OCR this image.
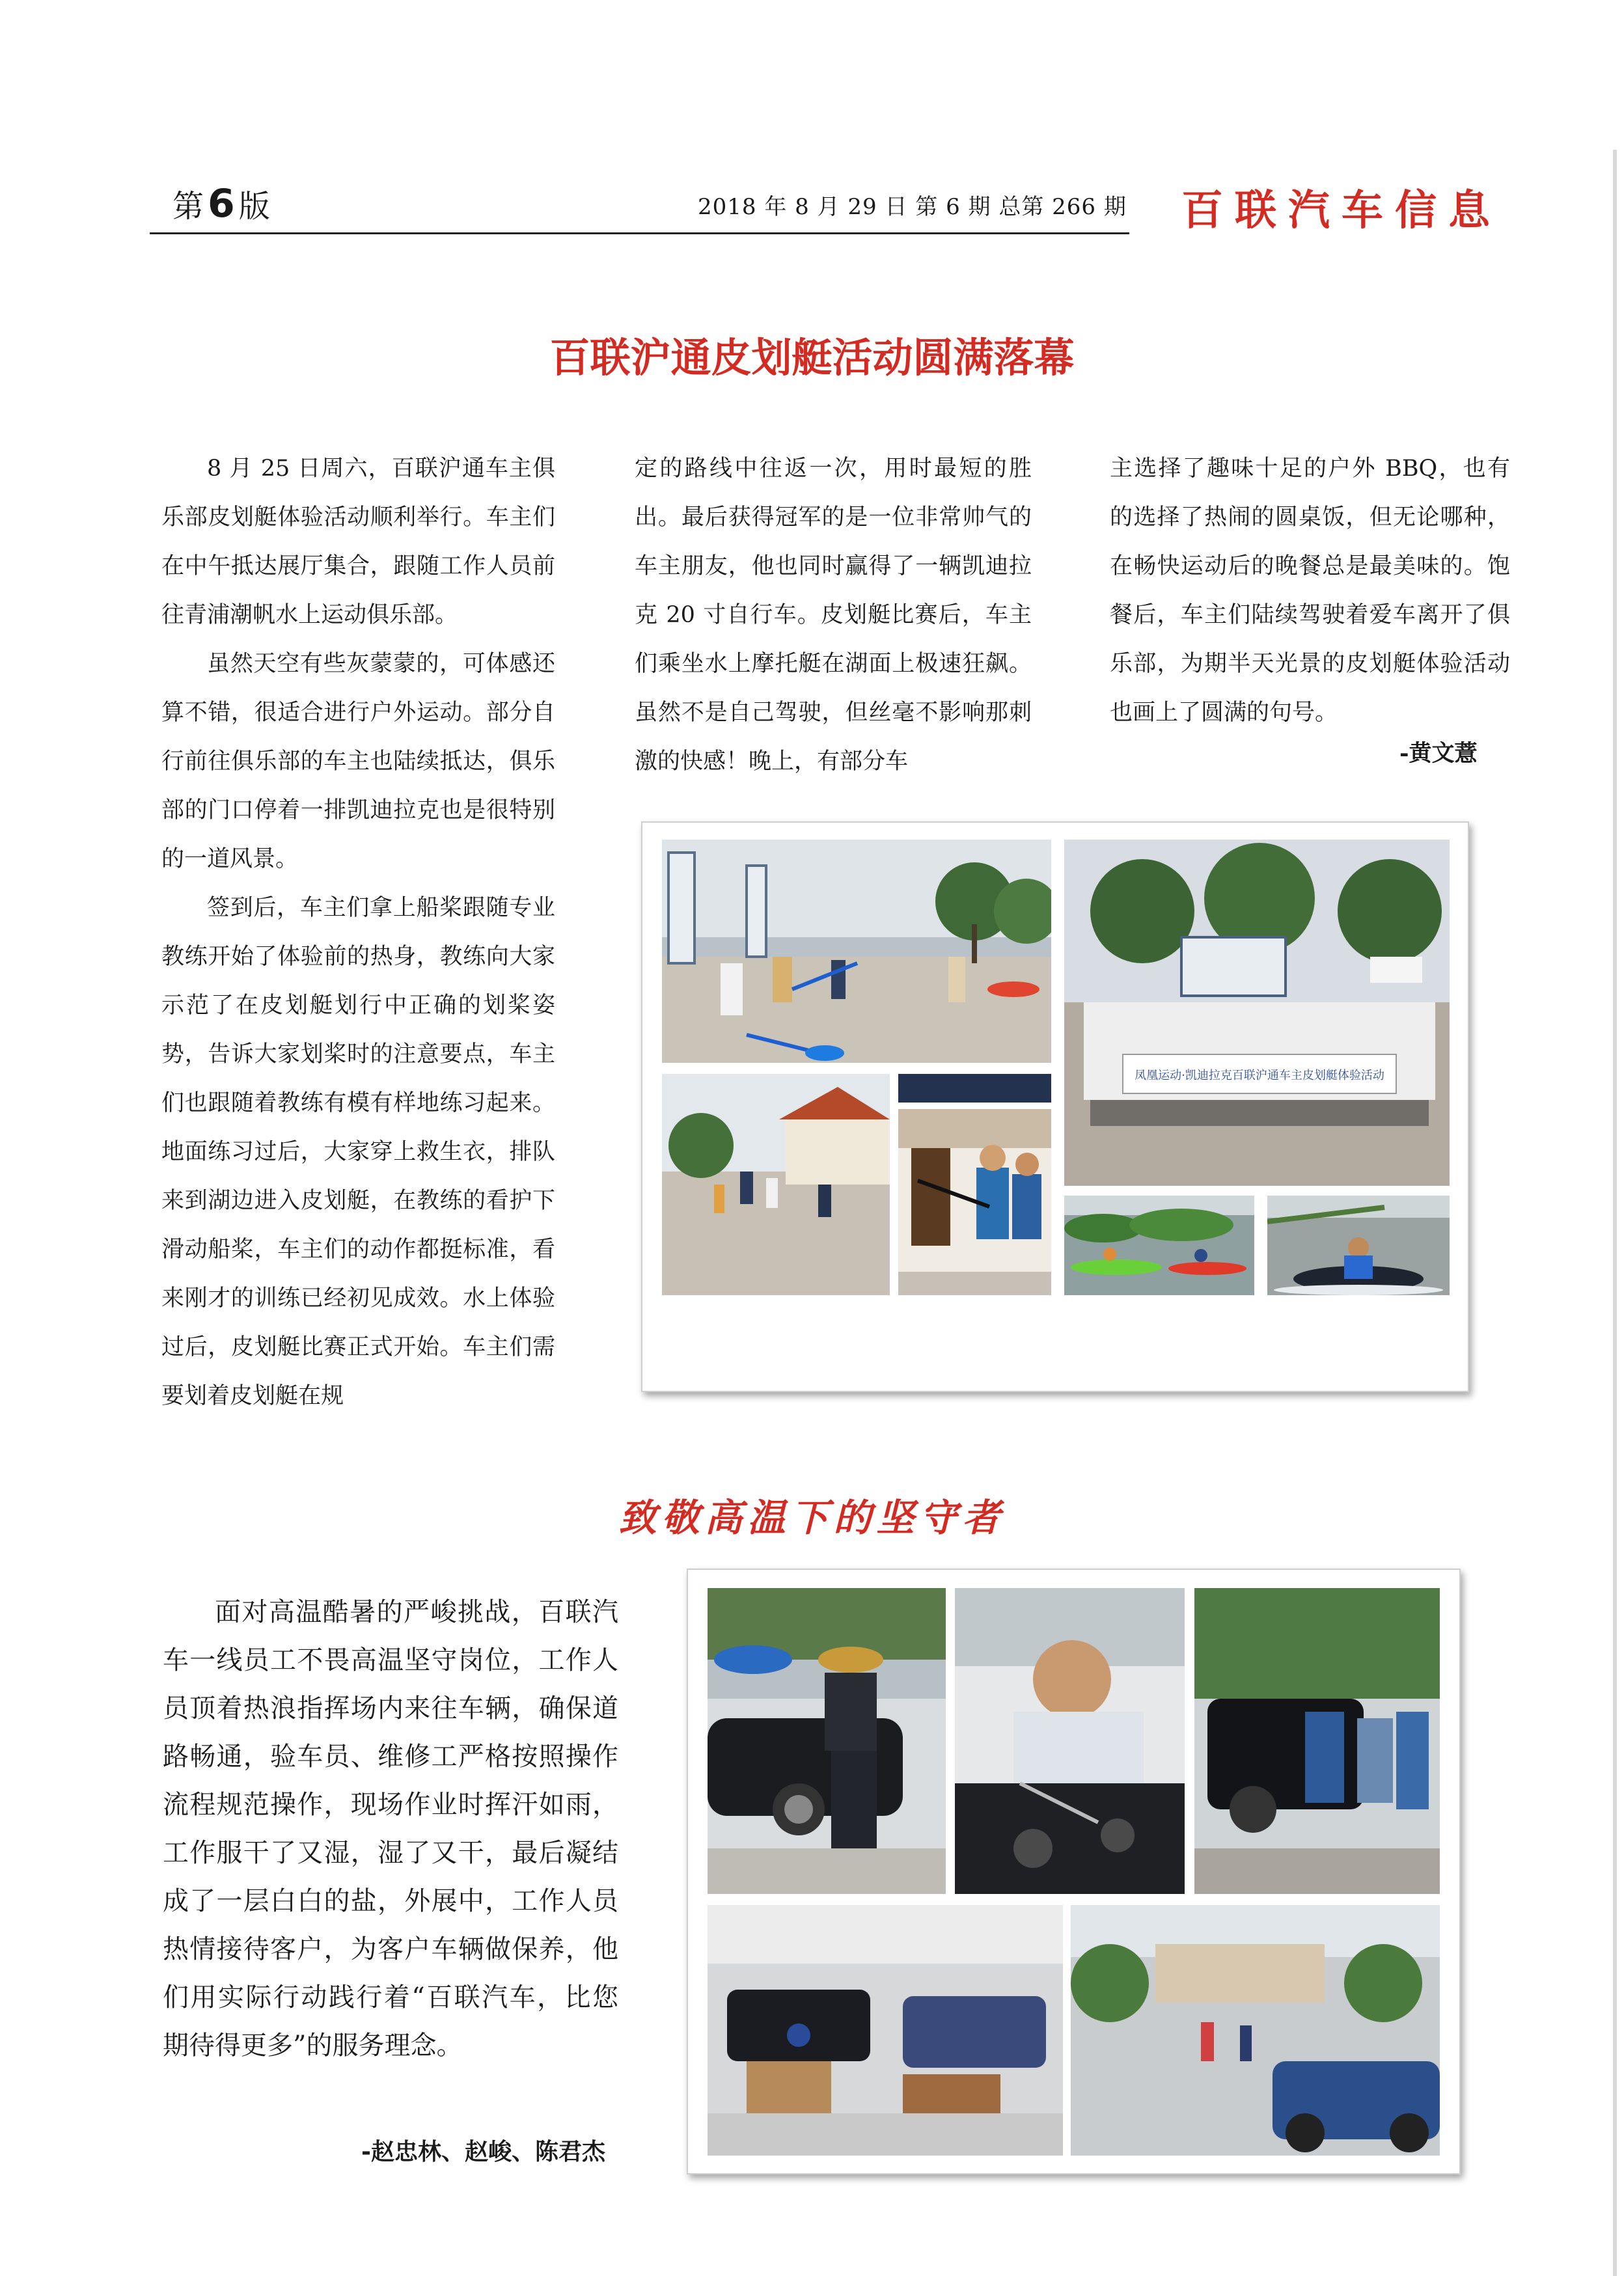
第 6 版	2018 年 8 月 29 日 第 6 期 总第 266 期 百联汽车信息
百联沪通皮划艇活动圆满落幕

8 月 25 日周六，百联沪通车主俱乐部皮划艇体验活动顺利举行。车主们在中午抵达展厅集合，跟随工作人员前往青浦潮帆水上运动俱乐部。

虽然天空有些灰蒙蒙的，可体感还算不错，很适合进行户外运动。部分自行前往俱乐部的车主也陆续抵达，俱乐部的门口停着一排凯迪拉克也是很特别的一道风景。

签到后，车主们拿上船桨跟随专业教练开始了体验前的热身，教练向大家示范了在皮划艇划行中正确的划桨姿势，告诉大家划桨时的注意要点，车主们也跟随着教练有模有样地练习起来。地面练习过后，大家穿上救生衣，排队来到湖边进入皮划艇，在教练的看护下滑动船桨，车主们的动作都挺标准，看来刚才的训练已经初见成效。水上体验过后，皮划艇比赛正式开始。车主们需要划着皮划艇在规

定的路线中往返一次，用时最短的胜出。最后获得冠军的是一位非常帅气的车主朋友，他也同时赢得了一辆凯迪拉克 20 寸自行车。皮划艇比赛后，车主们乘坐水上摩托艇在湖面上极速狂飙。虽然不是自己驾驶，但丝毫不影响那刺激的快感！晚上，有部分车

主选择了趣味十足的户外 BBQ，也有的选择了热闹的圆桌饭，但无论哪种，在畅快运动后的晚餐总是最美味的。饱餐后，车主们陆续驾驶着爱车离开了俱乐部，为期半天光景的皮划艇体验活动也画上了圆满的句号。

-黄文薏
凤凰运动·凯迪拉克百联沪通车主皮划艇体验活动
致敬高温下的坚守者

面对高温酷暑的严峻挑战，百联汽车一线员工不畏高温坚守岗位，工作人员顶着热浪指挥场内来往车辆，确保道路畅通，验车员、维修工严格按照操作流程规范操作，现场作业时挥汗如雨，工作服干了又湿，湿了又干，最后凝结成了一层白白的盐，外展中，工作人员热情接待客户，为客户车辆做保养，他们用实际行动践行着“百联汽车，比您期待得更多”的服务理念。

-赵忠林、赵峻、陈君杰
